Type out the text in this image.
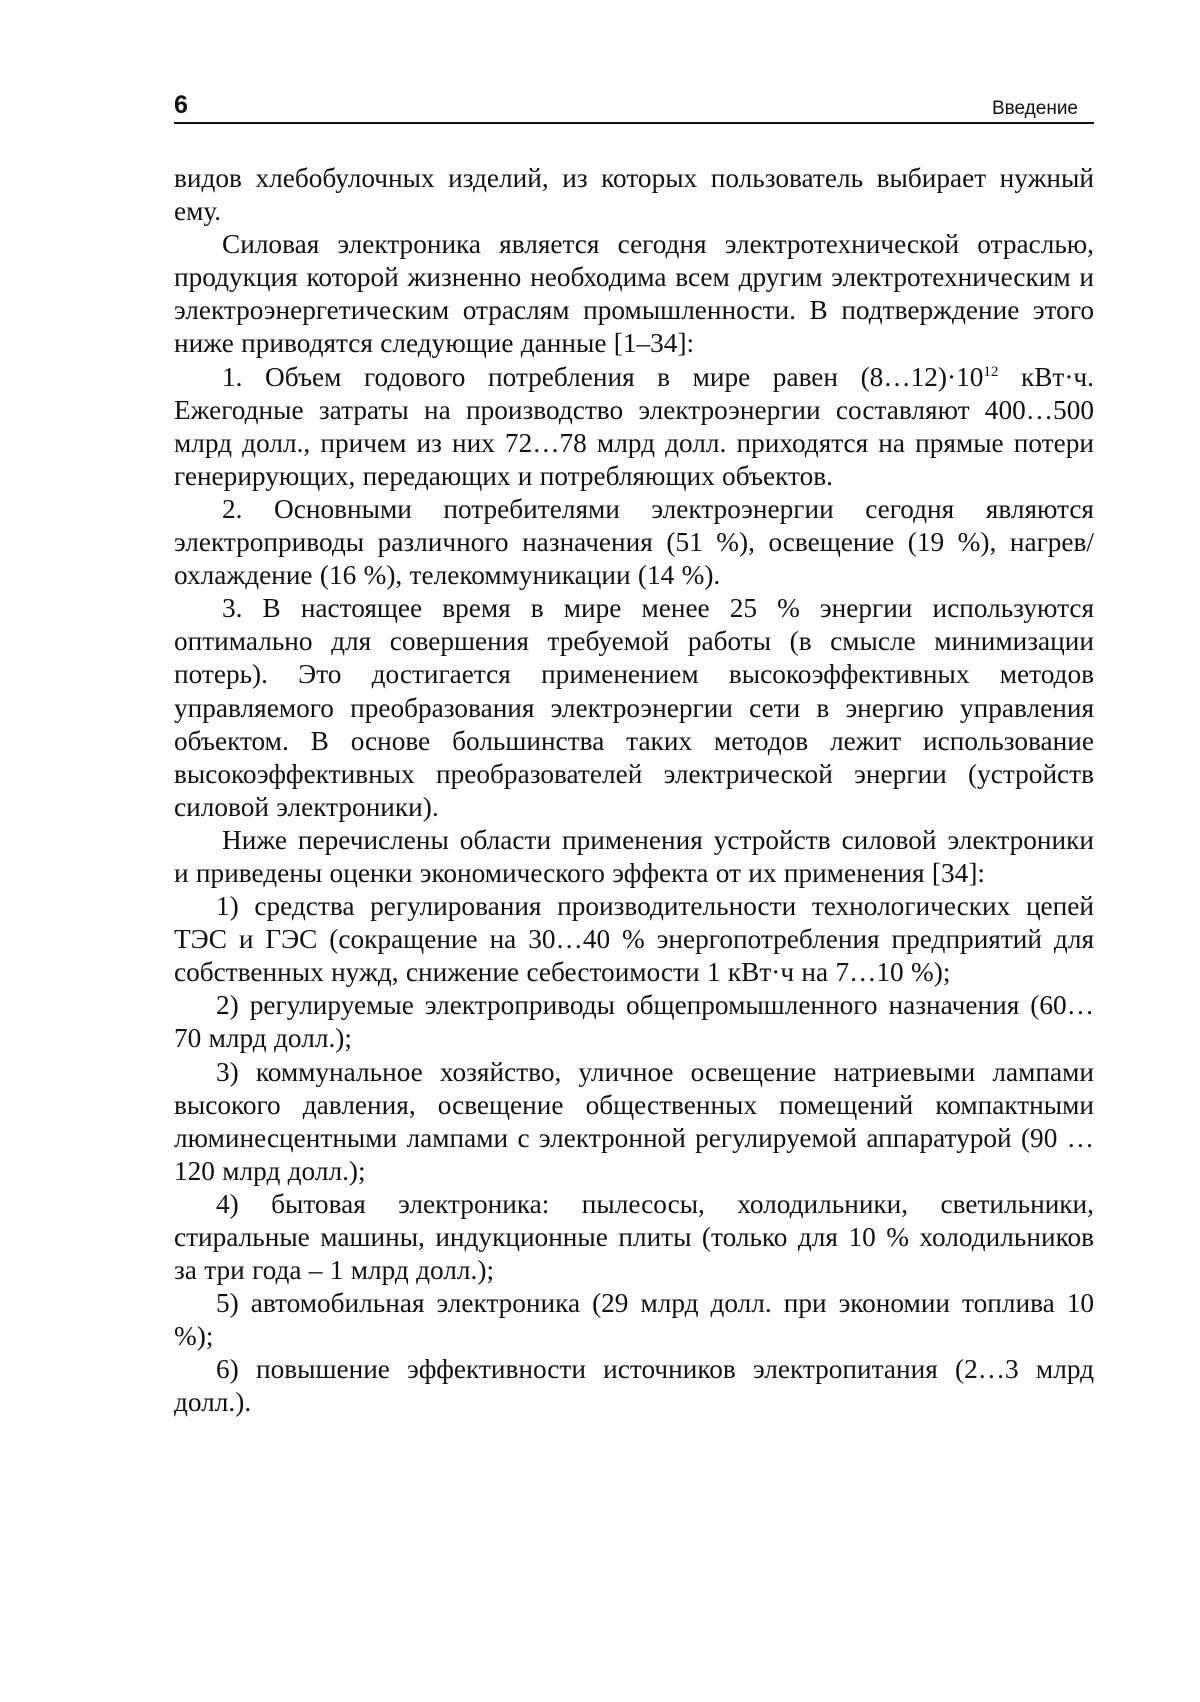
6	Введение

видов хлебобулочных изделий, из которых пользователь выбирает нужный ему.

Силовая электроника является сегодня электротехнической отраслью, продукция которой жизненно необходима всем другим электротехническим и электроэнергетическим отраслям промышленности. В подтверждение этого ниже приводятся следующие данные [1–34]:

1. Объем годового потребления в мире равен $(8\dots 12)\cdot 10^{12}$ кВт·ч. Ежегодные затраты на производство электроэнергии составляют 400…500 млрд долл., причем из них 72…78 млрд долл. приходятся на прямые потери генерирующих, передающих и потребляющих объектов.

2. Основными потребителями электроэнергии сегодня являются электроприводы различного назначения (51 %), освещение (19 %), нагрев/охлаждение (16 %), телекоммуникации (14 %).

3. В настоящее время в мире менее 25 % энергии используются оптимально для совершения требуемой работы (в смысле минимизации потерь). Это достигается применением высокоэффективных методов управляемого преобразования электроэнергии сети в энергию управления объектом. В основе большинства таких методов лежит использование высокоэффективных преобразователей электрической энергии (устройств силовой электроники).

Ниже перечислены области применения устройств силовой электроники и приведены оценки экономического эффекта от их применения [34]:

1) средства регулирования производительности технологических цепей ТЭС и ГЭС (сокращение на 30…40 % энергопотребления предприятий для собственных нужд, снижение себестоимости 1 кВт·ч на 7…10 %);

2) регулируемые электроприводы общепромышленного назначения (60…70 млрд долл.);

3) коммунальное хозяйство, уличное освещение натриевыми лампами высокого давления, освещение общественных помещений компактными люминесцентными лампами с электронной регулируемой аппаратурой (90 … 120 млрд долл.);

4) бытовая электроника: пылесосы, холодильники, светильники, стиральные машины, индукционные плиты (только для 10 % холодильников за три года – 1 млрд долл.);

5) автомобильная электроника (29 млрд долл. при экономии топлива 10 %);

6) повышение эффективности источников электропитания (2…3 млрд долл.).
